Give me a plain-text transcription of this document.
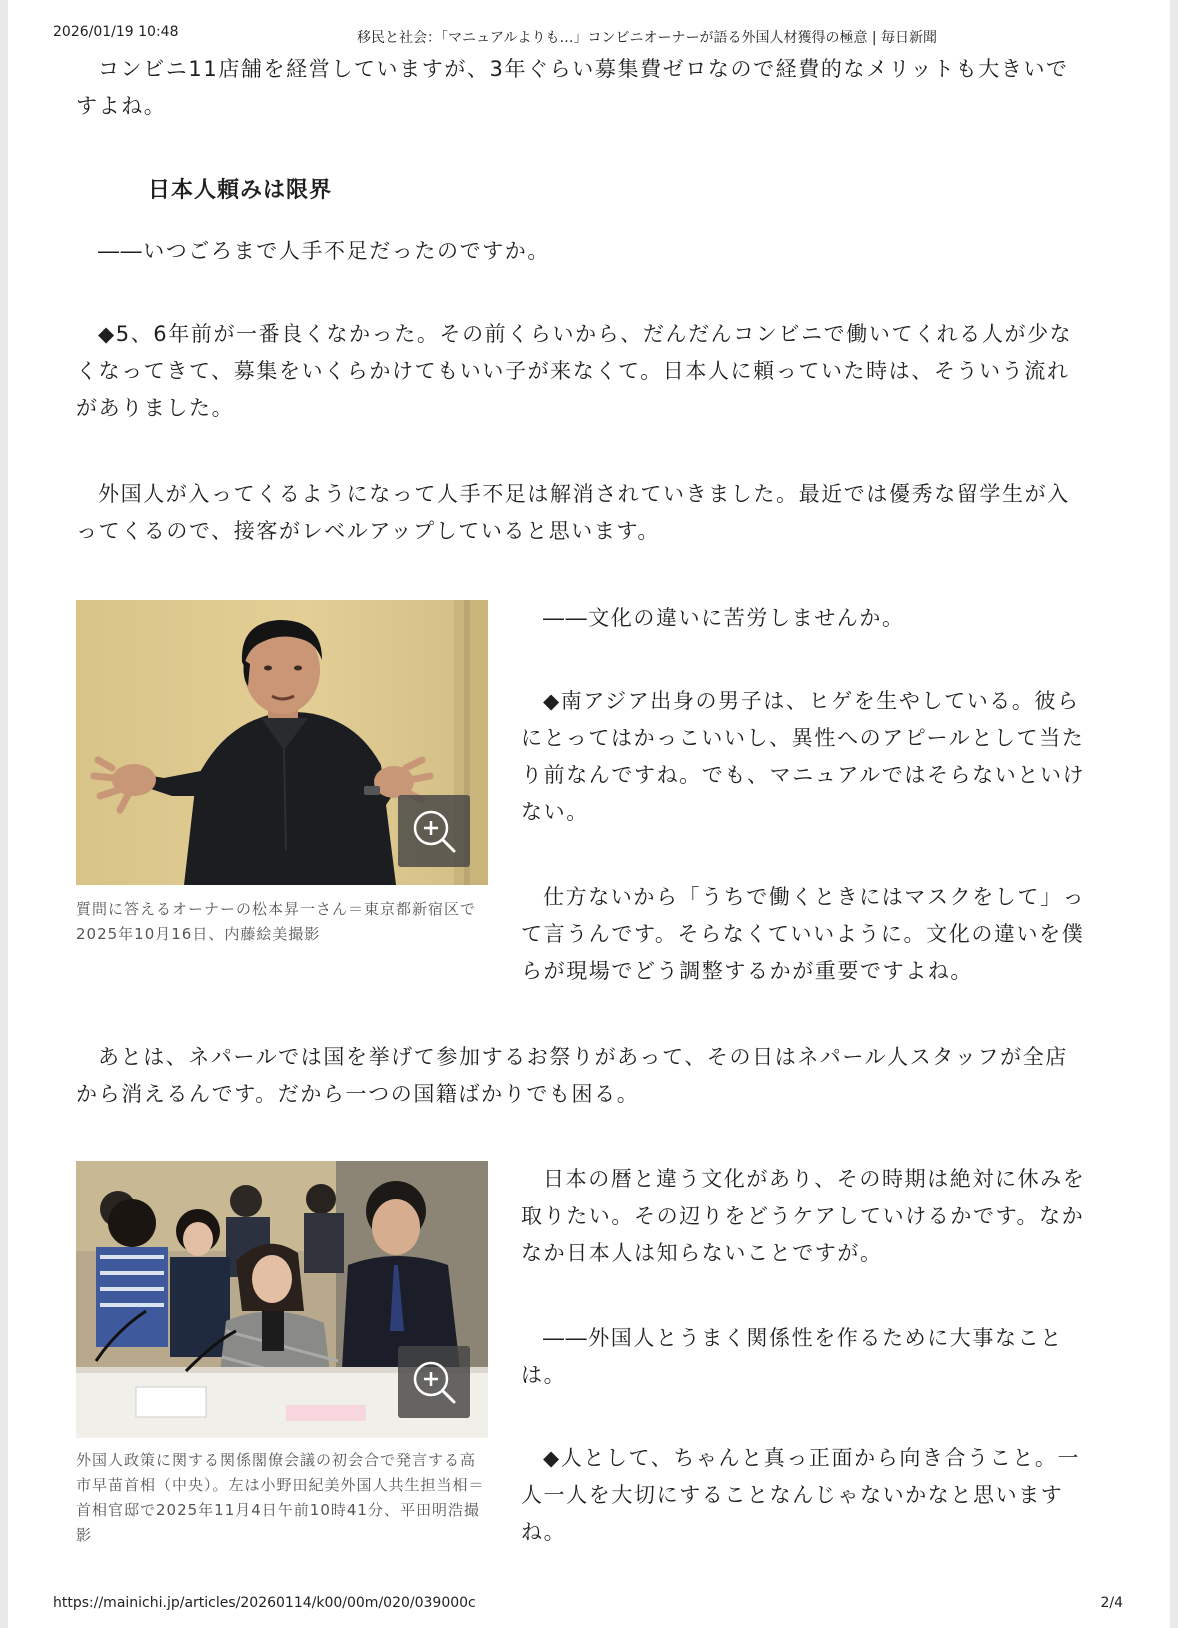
2026/01/19 10:48	移民と社会：「マニュアルよりも…」コンビニオーナーが語る外国人材獲得の極意 | 毎日新聞

コンビニ11店舗を経営していますが、3年ぐらい募集費ゼロなので経費的なメリットも大きいですよね。

日本人頼みは限界

――いつごろまで人手不足だったのですか。

◆5、6年前が一番良くなかった。その前くらいから、だんだんコンビニで働いてくれる人が少なくなってきて、募集をいくらかけてもいい子が来なくて。日本人に頼っていた時は、そういう流れがありました。

外国人が入ってくるようになって人手不足は解消されていきました。最近では優秀な留学生が入ってくるので、接客がレベルアップしていると思います。

質問に答えるオーナーの松本昇一さん＝東京都新宿区で2025年10月16日、内藤絵美撮影

――文化の違いに苦労しませんか。

◆南アジア出身の男子は、ヒゲを生やしている。彼らにとってはかっこいいし、異性へのアピールとして当たり前なんですね。でも、マニュアルではそらないといけない。

仕方ないから「うちで働くときにはマスクをして」って言うんです。そらなくていいように。文化の違いを僕らが現場でどう調整するかが重要ですよね。

あとは、ネパールでは国を挙げて参加するお祭りがあって、その日はネパール人スタッフが全店から消えるんです。だから一つの国籍ばかりでも困る。

外国人政策に関する関係閣僚会議の初会合で発言する高市早苗首相（中央）。左は小野田紀美外国人共生担当相＝首相官邸で2025年11月4日午前10時41分、平田明浩撮影

日本の暦と違う文化があり、その時期は絶対に休みを取りたい。その辺りをどうケアしていけるかです。なかなか日本人は知らないことですが。

――外国人とうまく関係性を作るために大事なことは。

◆人として、ちゃんと真っ正面から向き合うこと。一人一人を大切にすることなんじゃないかなと思いますね。

https://mainichi.jp/articles/20260114/k00/00m/020/039000c	2/4
